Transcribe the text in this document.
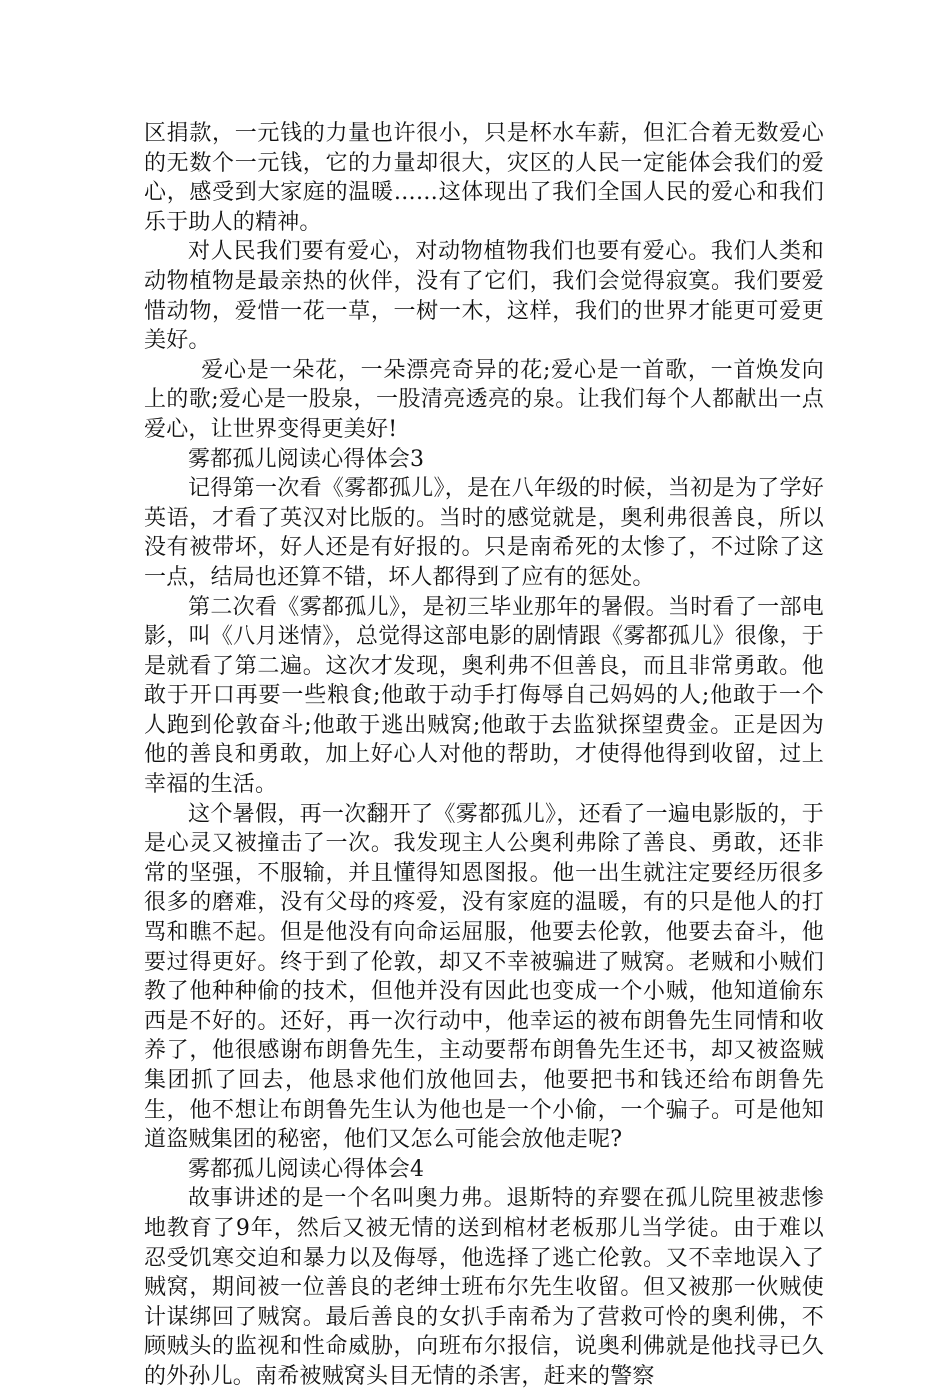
区捐款，一元钱的力量也许很小，只是杯水车薪，但汇合着无数爱心的无数个一元钱，它的力量却很大，灾区的人民一定能体会我们的爱心，感受到大家庭的温暖……这体现出了我们全国人民的爱心和我们乐于助人的精神。

对人民我们要有爱心，对动物植物我们也要有爱心。我们人类和动物植物是最亲热的伙伴，没有了它们，我们会觉得寂寞。我们要爱惜动物，爱惜一花一草，一树一木，这样，我们的世界才能更可爱更美好。

爱心是一朵花，一朵漂亮奇异的花;爱心是一首歌，一首焕发向上的歌;爱心是一股泉，一股清亮透亮的泉。让我们每个人都献出一点爱心，让世界变得更美好!

雾都孤儿阅读心得体会3

记得第一次看《雾都孤儿》，是在八年级的时候，当初是为了学好英语，才看了英汉对比版的。当时的感觉就是，奥利弗很善良，所以没有被带坏，好人还是有好报的。只是南希死的太惨了，不过除了这一点，结局也还算不错，坏人都得到了应有的惩处。

第二次看《雾都孤儿》，是初三毕业那年的暑假。当时看了一部电影，叫《八月迷情》，总觉得这部电影的剧情跟《雾都孤儿》很像，于是就看了第二遍。这次才发现，奥利弗不但善良，而且非常勇敢。他敢于开口再要一些粮食;他敢于动手打侮辱自己妈妈的人;他敢于一个人跑到伦敦奋斗;他敢于逃出贼窝;他敢于去监狱探望费金。正是因为他的善良和勇敢，加上好心人对他的帮助，才使得他得到收留，过上幸福的生活。

这个暑假，再一次翻开了《雾都孤儿》，还看了一遍电影版的，于是心灵又被撞击了一次。我发现主人公奥利弗除了善良、勇敢，还非常的坚强，不服输，并且懂得知恩图报。他一出生就注定要经历很多很多的磨难，没有父母的疼爱，没有家庭的温暖，有的只是他人的打骂和瞧不起。但是他没有向命运屈服，他要去伦敦，他要去奋斗，他要过得更好。终于到了伦敦，却又不幸被骗进了贼窝。老贼和小贼们教了他种种偷的技术，但他并没有因此也变成一个小贼，他知道偷东西是不好的。还好，再一次行动中，他幸运的被布朗鲁先生同情和收养了，他很感谢布朗鲁先生，主动要帮布朗鲁先生还书，却又被盗贼集团抓了回去，他恳求他们放他回去，他要把书和钱还给布朗鲁先生，他不想让布朗鲁先生认为他也是一个小偷，一个骗子。可是他知道盗贼集团的秘密，他们又怎么可能会放他走呢?

雾都孤儿阅读心得体会4

故事讲述的是一个名叫奥力弗。退斯特的弃婴在孤儿院里被悲惨地教育了9年，然后又被无情的送到棺材老板那儿当学徒。由于难以忍受饥寒交迫和暴力以及侮辱，他选择了逃亡伦敦。又不幸地误入了贼窝，期间被一位善良的老绅士班布尔先生收留。但又被那一伙贼使计谋绑回了贼窝。最后善良的女扒手南希为了营救可怜的奥利佛，不顾贼头的监视和性命威胁，向班布尔报信，说奥利佛就是他找寻已久的外孙儿。南希被贼窝头目无情的杀害，赶来的警察
